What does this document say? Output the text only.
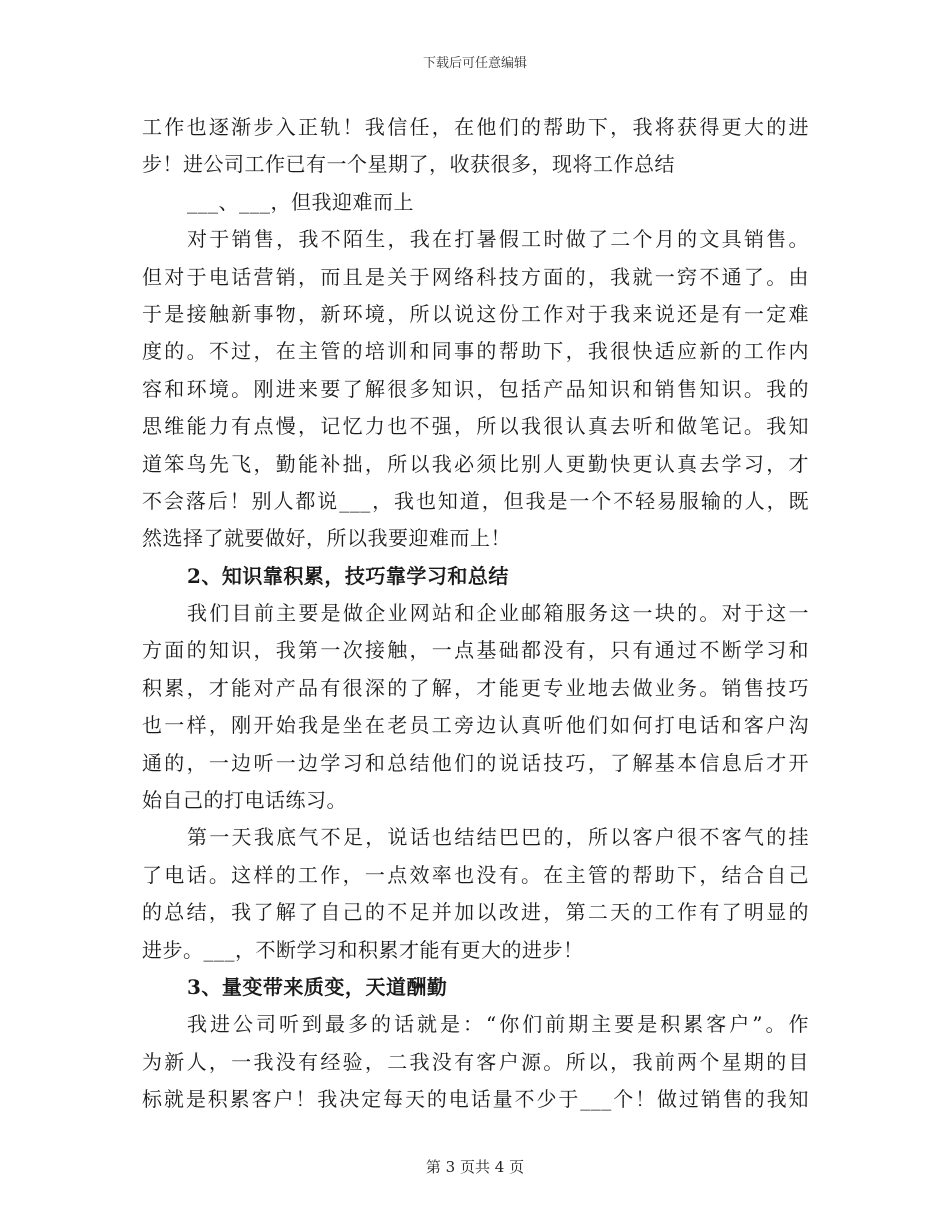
下载后可任意编辑
工作也逐渐步入正轨！我信任，在他们的帮助下，我将获得更大的进
步！进公司工作已有一个星期了，收获很多，现将工作总结
___、___，但我迎难而上
对于销售，我不陌生，我在打暑假工时做了二个月的文具销售。
但对于电话营销，而且是关于网络科技方面的，我就一窍不通了。由
于是接触新事物，新环境，所以说这份工作对于我来说还是有一定难
度的。不过，在主管的培训和同事的帮助下，我很快适应新的工作内
容和环境。刚进来要了解很多知识，包括产品知识和销售知识。我的
思维能力有点慢，记忆力也不强，所以我很认真去听和做笔记。我知
道笨鸟先飞，勤能补拙，所以我必须比别人更勤快更认真去学习，才
不会落后！别人都说___，我也知道，但我是一个不轻易服输的人，既
然选择了就要做好，所以我要迎难而上！
2、知识靠积累，技巧靠学习和总结
我们目前主要是做企业网站和企业邮箱服务这一块的。对于这一
方面的知识，我第一次接触，一点基础都没有，只有通过不断学习和
积累，才能对产品有很深的了解，才能更专业地去做业务。销售技巧
也一样，刚开始我是坐在老员工旁边认真听他们如何打电话和客户沟
通的，一边听一边学习和总结他们的说话技巧，了解基本信息后才开
始自己的打电话练习。
第一天我底气不足，说话也结结巴巴的，所以客户很不客气的挂
了电话。这样的工作，一点效率也没有。在主管的帮助下，结合自己
的总结，我了解了自己的不足并加以改进，第二天的工作有了明显的
进步。___，不断学习和积累才能有更大的进步！
3、量变带来质变，天道酬勤
我进公司听到最多的话就是：“你们前期主要是积累客户”。作
为新人，一我没有经验，二我没有客户源。所以，我前两个星期的目
标就是积累客户！我决定每天的电话量不少于___个！做过销售的我知
第 3 页共 4 页
